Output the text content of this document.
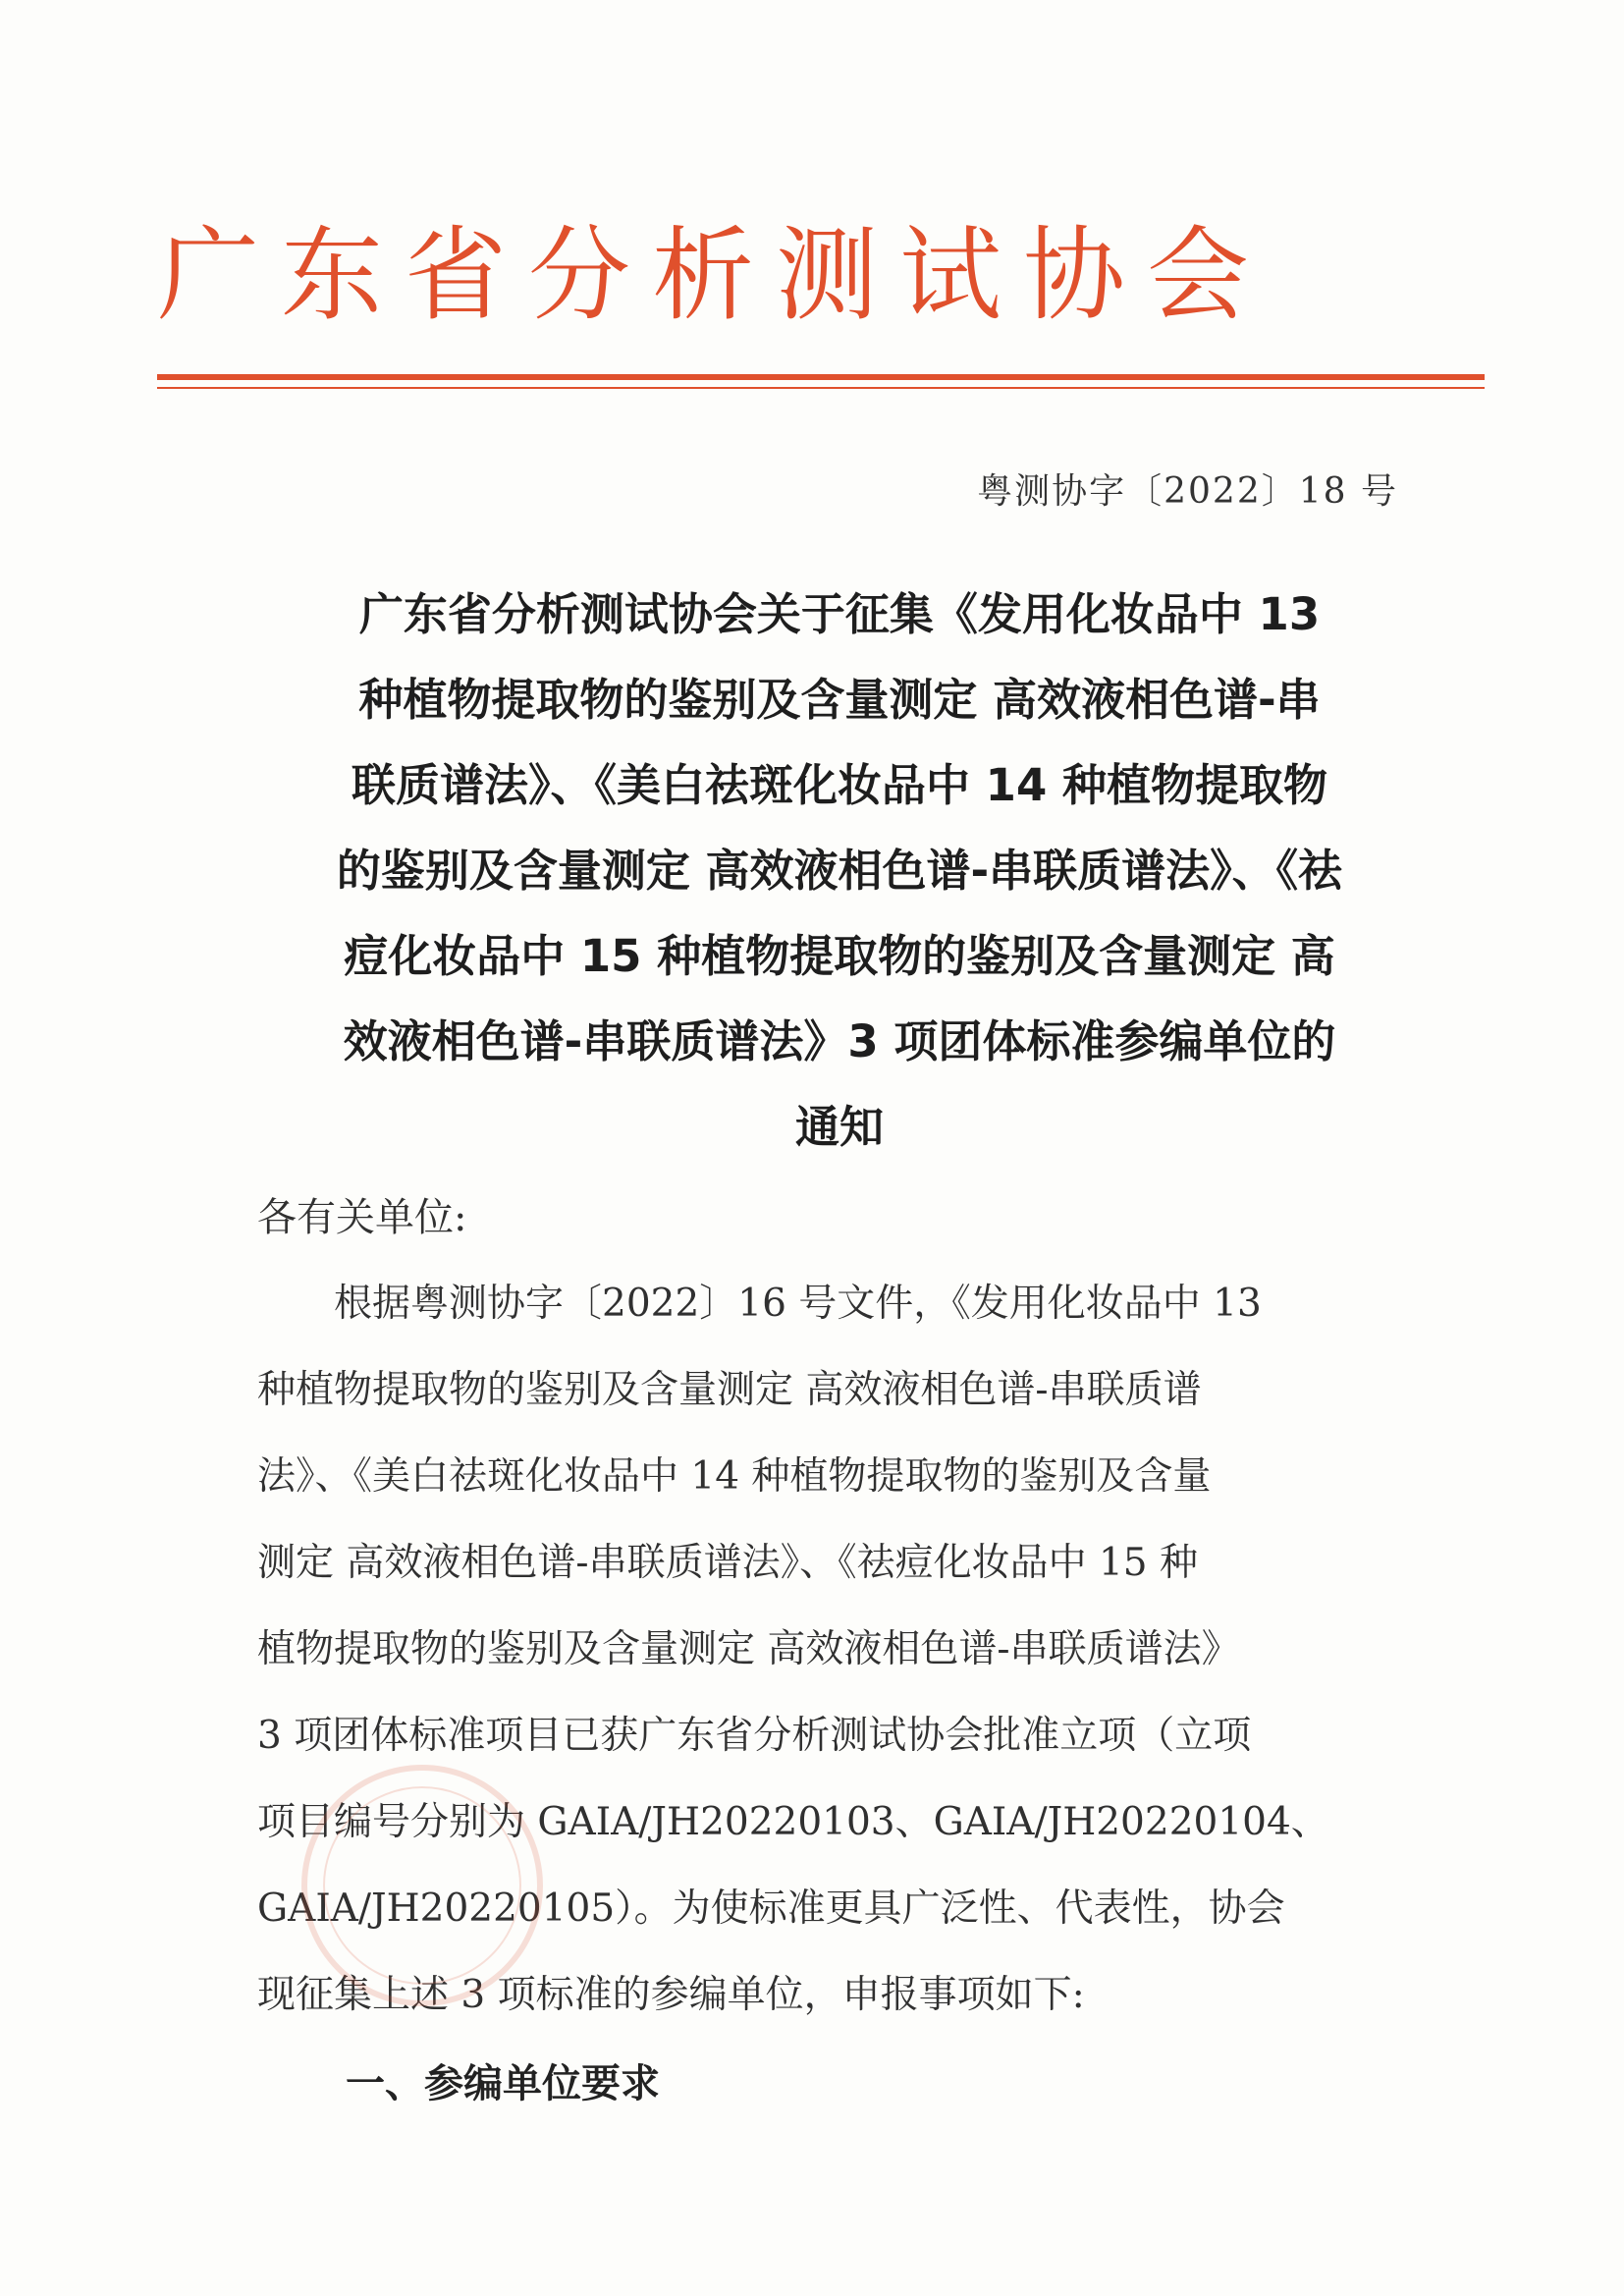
广东省分析测试协会
粤测协字〔2022〕18 号
广东省分析测试协会关于征集《发用化妆品中 13
种植物提取物的鉴别及含量测定 高效液相色谱-串
联质谱法》、《美白祛斑化妆品中 14 种植物提取物
的鉴别及含量测定 高效液相色谱-串联质谱法》、《祛
痘化妆品中 15 种植物提取物的鉴别及含量测定 高
效液相色谱-串联质谱法》3 项团体标准参编单位的
通知
各有关单位:
　　根据粤测协字〔2022〕16 号文件，《发用化妆品中 13
种植物提取物的鉴别及含量测定 高效液相色谱-串联质谱
法》、《美白祛斑化妆品中 14 种植物提取物的鉴别及含量
测定 高效液相色谱-串联质谱法》、《祛痘化妆品中 15 种
植物提取物的鉴别及含量测定 高效液相色谱-串联质谱法》
3 项团体标准项目已获广东省分析测试协会批准立项（立项
项目编号分别为 GAIA/JH20220103、GAIA/JH20220104、
GAIA/JH20220105）。为使标准更具广泛性、代表性，协会
现征集上述 3 项标准的参编单位，申报事项如下:
一、参编单位要求
